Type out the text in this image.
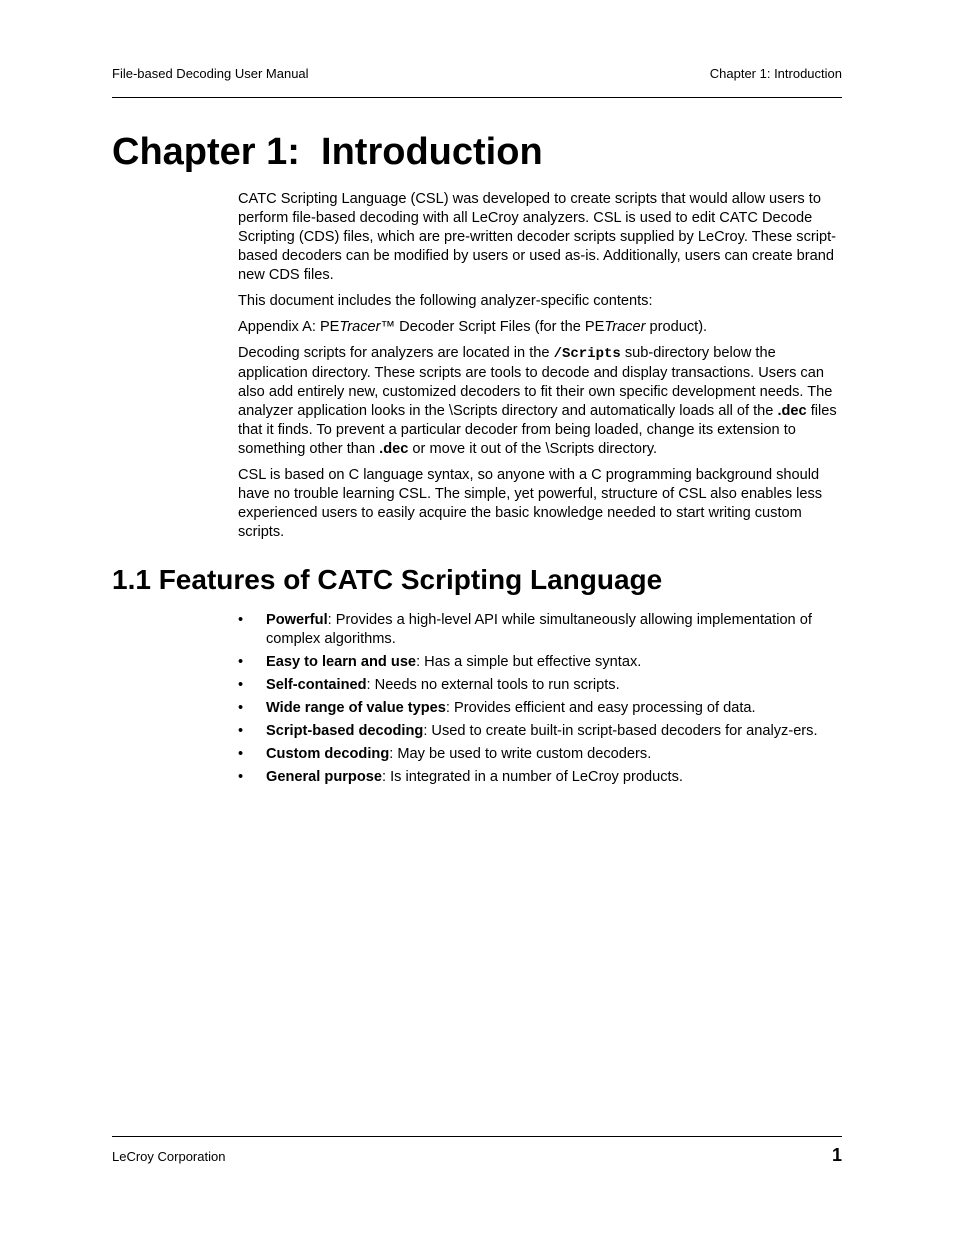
File-based Decoding User Manual	Chapter 1: Introduction
Chapter 1:  Introduction

CATC Scripting Language (CSL) was developed to create scripts that would allow users to perform file-based decoding with all LeCroy analyzers. CSL is used to edit CATC Decode Scripting (CDS) files, which are pre-written decoder scripts supplied by LeCroy. These script-based decoders can be modified by users or used as-is. Additionally, users can create brand new CDS files.

This document includes the following analyzer-specific contents:

Appendix A: PETracer™ Decoder Script Files (for the PETracer product).

Decoding scripts for analyzers are located in the /Scripts sub-directory below the application directory. These scripts are tools to decode and display transactions. Users can also add entirely new, customized decoders to fit their own specific development needs. The analyzer application looks in the \Scripts directory and automatically loads all of the .dec files that it finds. To prevent a particular decoder from being loaded, change its extension to something other than .dec or move it out of the \Scripts directory.

CSL is based on C language syntax, so anyone with a C programming background should have no trouble learning CSL. The simple, yet powerful, structure of CSL also enables less experienced users to easily acquire the basic knowledge needed to start writing custom scripts.

1.1 Features of CATC Scripting Language
• Powerful: Provides a high-level API while simultaneously allowing implementation of complex algorithms.
• Easy to learn and use: Has a simple but effective syntax.
• Self-contained: Needs no external tools to run scripts.
• Wide range of value types: Provides efficient and easy processing of data.
• Script-based decoding: Used to create built-in script-based decoders for analyz-ers.
• Custom decoding: May be used to write custom decoders.
• General purpose: Is integrated in a number of LeCroy products.
LeCroy Corporation	1
